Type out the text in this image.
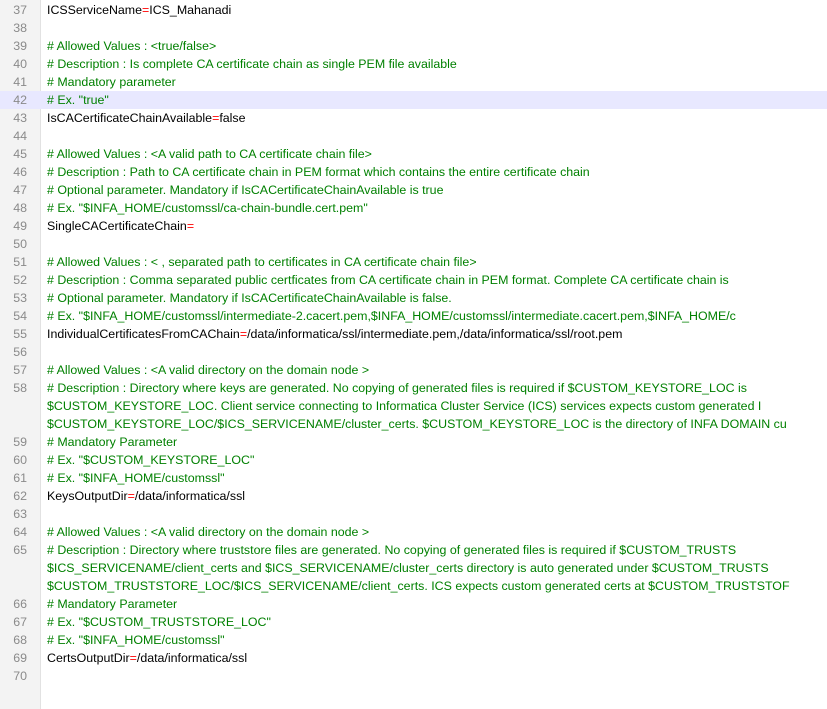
37 ICSServiceName=ICS_Mahanadi
38
39 # Allowed Values : <true/false>
40 # Description : Is complete CA certificate chain as single PEM file available
41 # Mandatory parameter
42 # Ex. "true"
43 IsCACertificateChainAvailable=false
44
45 # Allowed Values : <A valid path to CA certificate chain file>
46 # Description : Path to CA certificate chain in PEM format which contains the entire certificate chain
47 # Optional parameter. Mandatory if IsCACertificateChainAvailable is true
48 # Ex. "$INFA_HOME/customssl/ca-chain-bundle.cert.pem"
49 SingleCACertificateChain=
50
51 # Allowed Values : < , separated path to certificates in CA certificate chain file>
52 # Description : Comma separated public certficates from CA certificate chain in PEM format. Complete CA certificate chain is
53 # Optional parameter. Mandatory if IsCACertificateChainAvailable is false.
54 # Ex. "$INFA_HOME/customssl/intermediate-2.cacert.pem,$INFA_HOME/customssl/intermediate.cacert.pem,$INFA_HOME/c
55 IndividualCertificatesFromCAChain=/data/informatica/ssl/intermediate.pem,/data/informatica/ssl/root.pem
56
57 # Allowed Values : <A valid directory on the domain node >
58 # Description : Directory where keys are generated. No copying of generated files is required if $CUSTOM_KEYSTORE_LOC is
$CUSTOM_KEYSTORE_LOC. Client service connecting to Informatica Cluster Service (ICS) services expects custom generated I
$CUSTOM_KEYSTORE_LOC/$ICS_SERVICENAME/cluster_certs. $CUSTOM_KEYSTORE_LOC is the directory of INFA DOMAIN cu
59 # Mandatory Parameter
60 # Ex. "$CUSTOM_KEYSTORE_LOC"
61 # Ex. "$INFA_HOME/customssl"
62 KeysOutputDir=/data/informatica/ssl
63
64 # Allowed Values : <A valid directory on the domain node >
65 # Description : Directory where truststore files are generated. No copying of generated files is required if $CUSTOM_TRUSTS
$ICS_SERVICENAME/client_certs and $ICS_SERVICENAME/cluster_certs directory is auto generated under $CUSTOM_TRUSTS
$CUSTOM_TRUSTSTORE_LOC/$ICS_SERVICENAME/client_certs. ICS expects custom generated certs at $CUSTOM_TRUSTSTOF
66 # Mandatory Parameter
67 # Ex. "$CUSTOM_TRUSTSTORE_LOC"
68 # Ex. "$INFA_HOME/customssl"
69 CertsOutputDir=/data/informatica/ssl
70
